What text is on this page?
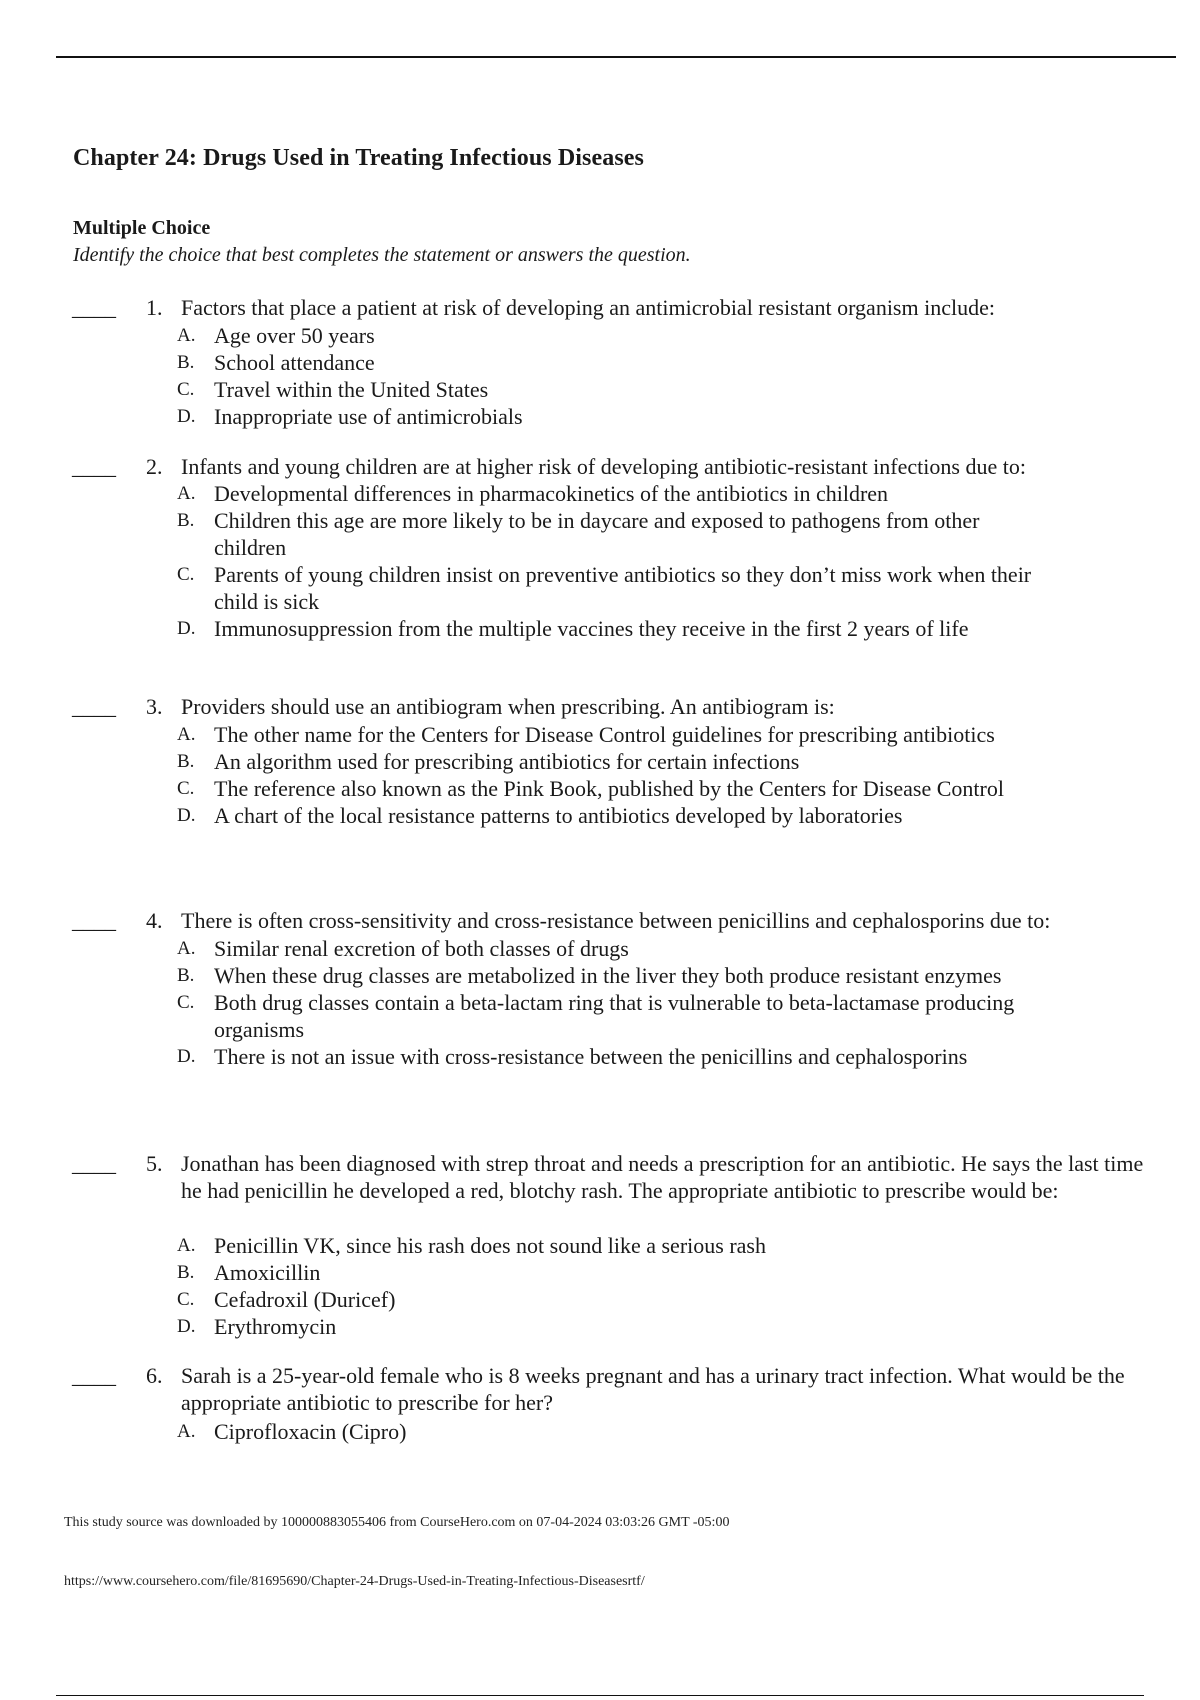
Chapter 24: Drugs Used in Treating Infectious Diseases
Multiple Choice
Identify the choice that best completes the statement or answers the question.
____ 1. Factors that place a patient at risk of developing an antimicrobial resistant organism include:
A. Age over 50 years
B. School attendance
C. Travel within the United States
D. Inappropriate use of antimicrobials
____ 2. Infants and young children are at higher risk of developing antibiotic-resistant infections due to:
A. Developmental differences in pharmacokinetics of the antibiotics in children
B. Children this age are more likely to be in daycare and exposed to pathogens from other children
C. Parents of young children insist on preventive antibiotics so they don’t miss work when their child is sick
D. Immunosuppression from the multiple vaccines they receive in the first 2 years of life
____ 3. Providers should use an antibiogram when prescribing. An antibiogram is:
A. The other name for the Centers for Disease Control guidelines for prescribing antibiotics
B. An algorithm used for prescribing antibiotics for certain infections
C. The reference also known as the Pink Book, published by the Centers for Disease Control
D. A chart of the local resistance patterns to antibiotics developed by laboratories
____ 4. There is often cross-sensitivity and cross-resistance between penicillins and cephalosporins due to:
A. Similar renal excretion of both classes of drugs
B. When these drug classes are metabolized in the liver they both produce resistant enzymes
C. Both drug classes contain a beta-lactam ring that is vulnerable to beta-lactamase producing organisms
D. There is not an issue with cross-resistance between the penicillins and cephalosporins
____ 5. Jonathan has been diagnosed with strep throat and needs a prescription for an antibiotic. He says the last time he had penicillin he developed a red, blotchy rash. The appropriate antibiotic to prescribe would be:
A. Penicillin VK, since his rash does not sound like a serious rash
B. Amoxicillin
C. Cefadroxil (Duricef)
D. Erythromycin
____ 6. Sarah is a 25-year-old female who is 8 weeks pregnant and has a urinary tract infection. What would be the appropriate antibiotic to prescribe for her?
A. Ciprofloxacin (Cipro)
This study source was downloaded by 100000883055406 from CourseHero.com on 07-04-2024 03:03:26 GMT -05:00
https://www.coursehero.com/file/81695690/Chapter-24-Drugs-Used-in-Treating-Infectious-Diseasesrtf/
